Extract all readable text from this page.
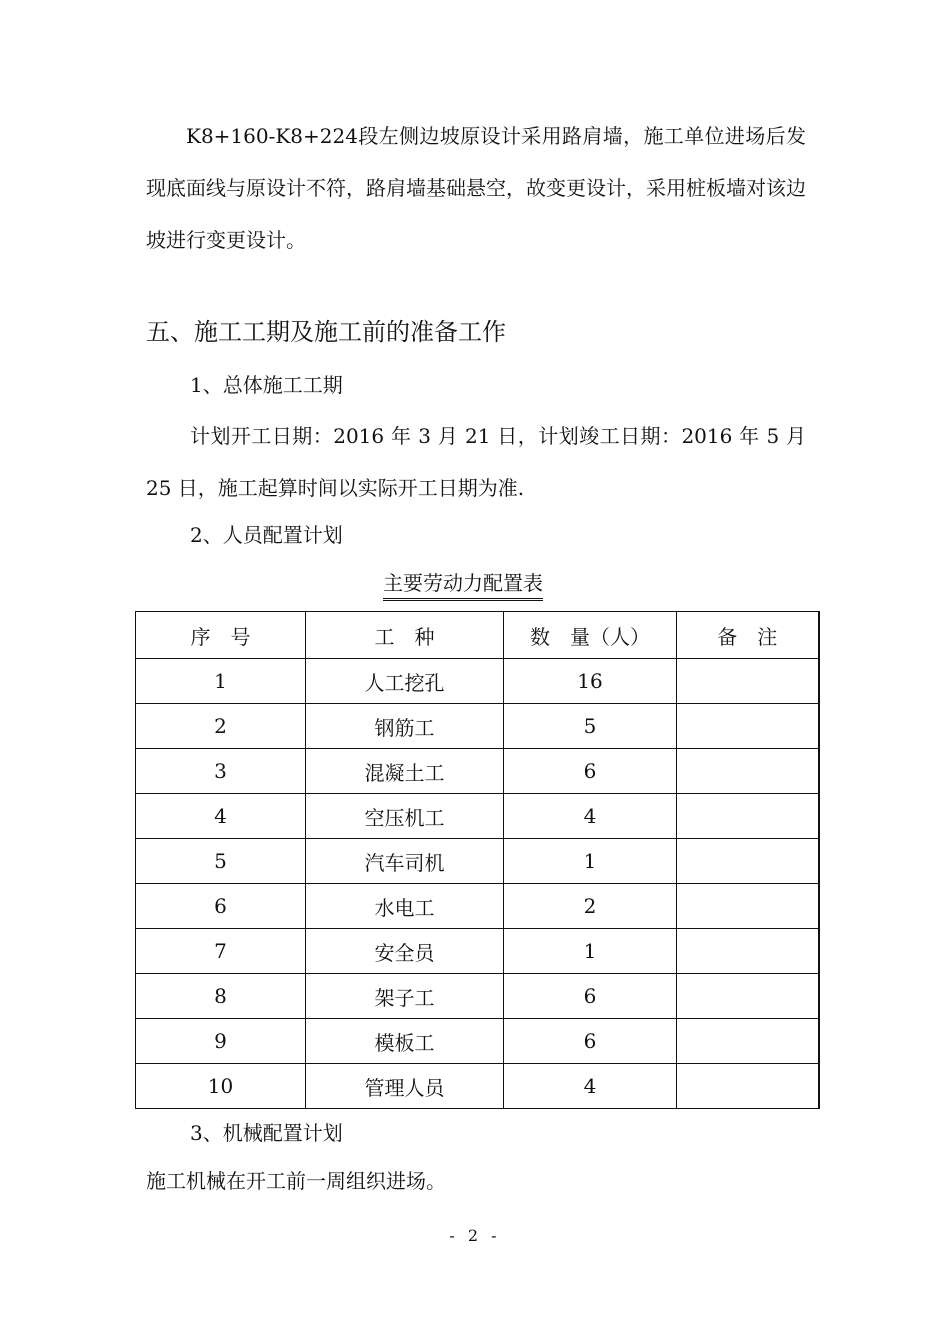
K8+160-K8+224段左侧边坡原设计采用路肩墙，施工单位进场后发现底面线与原设计不符，路肩墙基础悬空，故变更设计，采用桩板墙对该边坡进行变更设计。

五、施工工期及施工前的准备工作

1、总体施工工期

计划开工日期：2016 年 3 月 21 日，计划竣工日期：2016 年 5 月 25 日，施工起算时间以实际开工日期为准.

2、人员配置计划

主要劳动力配置表
序　号	工　种	数　量（人）	备　注
1	人工挖孔	16	
2	钢筋工	5	
3	混凝土工	6	
4	空压机工	4	
5	汽车司机	1	
6	水电工	2	
7	安全员	1	
8	架子工	6	
9	模板工	6	
10	管理人员	4	

3、机械配置计划

施工机械在开工前一周组织进场。

- 2 -
